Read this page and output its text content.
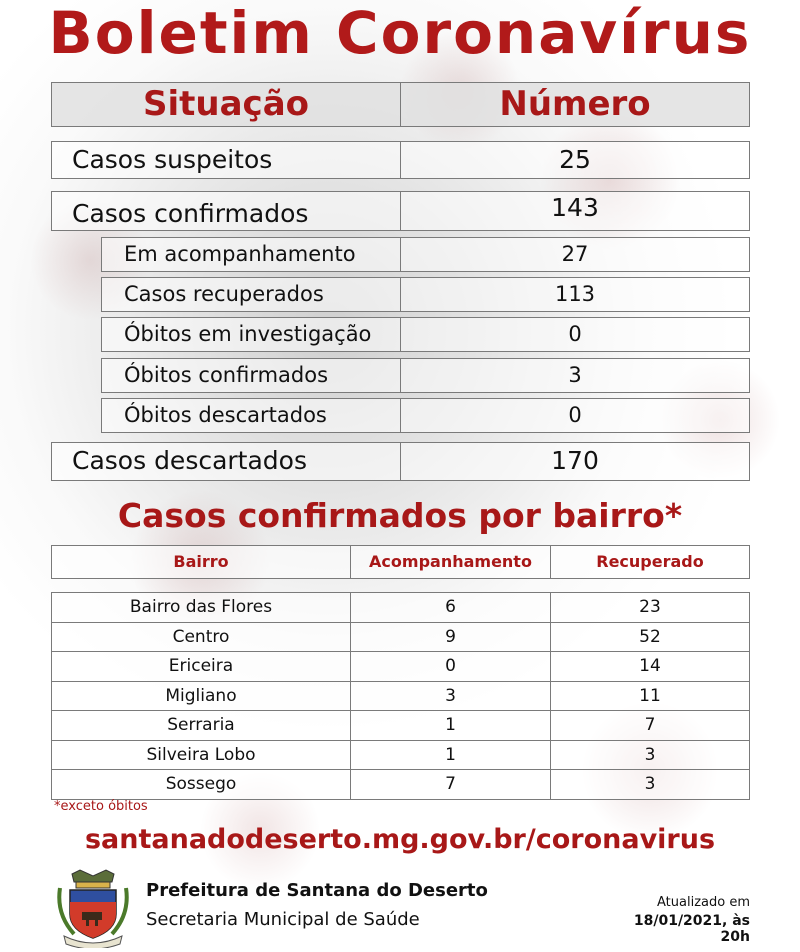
Boletim Coronavírus
Situação	Número
Casos suspeitos	25
Casos confirmados	143
Em acompanhamento	27
Casos recuperados	113
Óbitos em investigação	0
Óbitos confirmados	3
Óbitos descartados	0
Casos descartados	170
Casos confirmados por bairro*
Bairro	Acompanhamento	Recuperado
Bairro das Flores	6	23
Centro	9	52
Ericeira	0	14
Migliano	3	11
Serraria	1	7
Silveira Lobo	1	3
Sossego	7	3
*exceto óbitos
santanadodeserto.mg.gov.br/coronavirus
Prefeitura de Santana do Deserto
Secretaria Municipal de Saúde
Atualizado em
18/01/2021, às 20h
